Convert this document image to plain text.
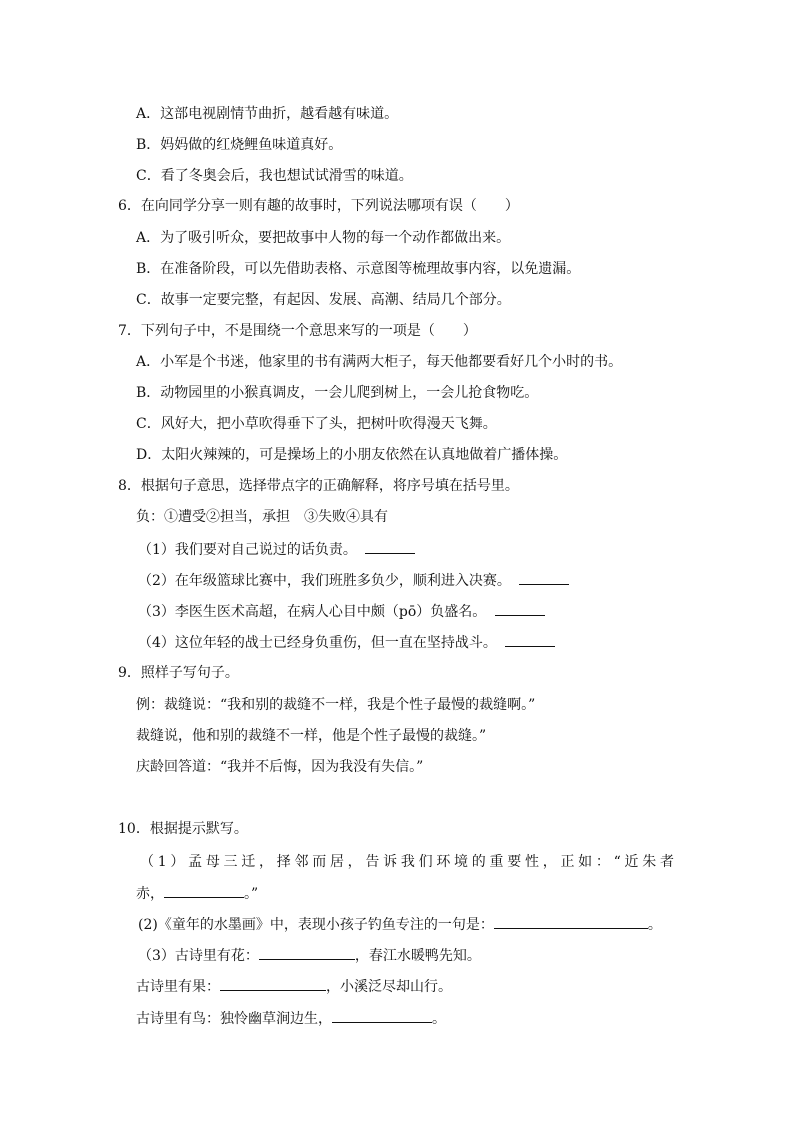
A．这部电视剧情节曲折，越看越有味道。
B．妈妈做的红烧鲤鱼味道真好。
C．看了冬奥会后，我也想试试滑雪的味道。
6．在向同学分享一则有趣的故事时，下列说法哪项有误（　　）
A．为了吸引听众，要把故事中人物的每一个动作都做出来。
B．在准备阶段，可以先借助表格、示意图等梳理故事内容，以免遗漏。
C．故事一定要完整，有起因、发展、高潮、结局几个部分。
7．下列句子中，不是围绕一个意思来写的一项是（　　）
A．小军是个书迷，他家里的书有满两大柜子，每天他都要看好几个小时的书。
B．动物园里的小猴真调皮，一会儿爬到树上，一会儿抢食物吃。
C．风好大，把小草吹得垂下了头，把树叶吹得漫天飞舞。
D．太阳火辣辣的，可是操场上的小朋友依然在认真地做着广播体操。
8．根据句子意思，选择带点字的正确解释，将序号填在括号里。
负：①遭受②担当，承担　③失败④具有
（1）我们要对自己说过的话负责。
（2）在年级篮球比赛中，我们班胜多负少，顺利进入决赛。
（3）李医生医术高超，在病人心目中颇（pō）负盛名。
（4）这位年轻的战士已经身负重伤，但一直在坚持战斗。
9．照样子写句子。
例：裁缝说：“我和别的裁缝不一样，我是个性子最慢的裁缝啊。”
裁缝说，他和别的裁缝不一样，他是个性子最慢的裁缝。”
庆龄回答道：“我并不后悔，因为我没有失信。”
10．根据提示默写。
（1）孟母三迁，择邻而居，告诉我们环境的重要性，正如：“近朱者
赤，	。”
(2)《童年的水墨画》中，表现小孩子钓鱼专注的一句是：	。
（3）古诗里有花：	，春江水暖鸭先知。
古诗里有果：	，小溪泛尽却山行。
古诗里有鸟：独怜幽草涧边生，	。
